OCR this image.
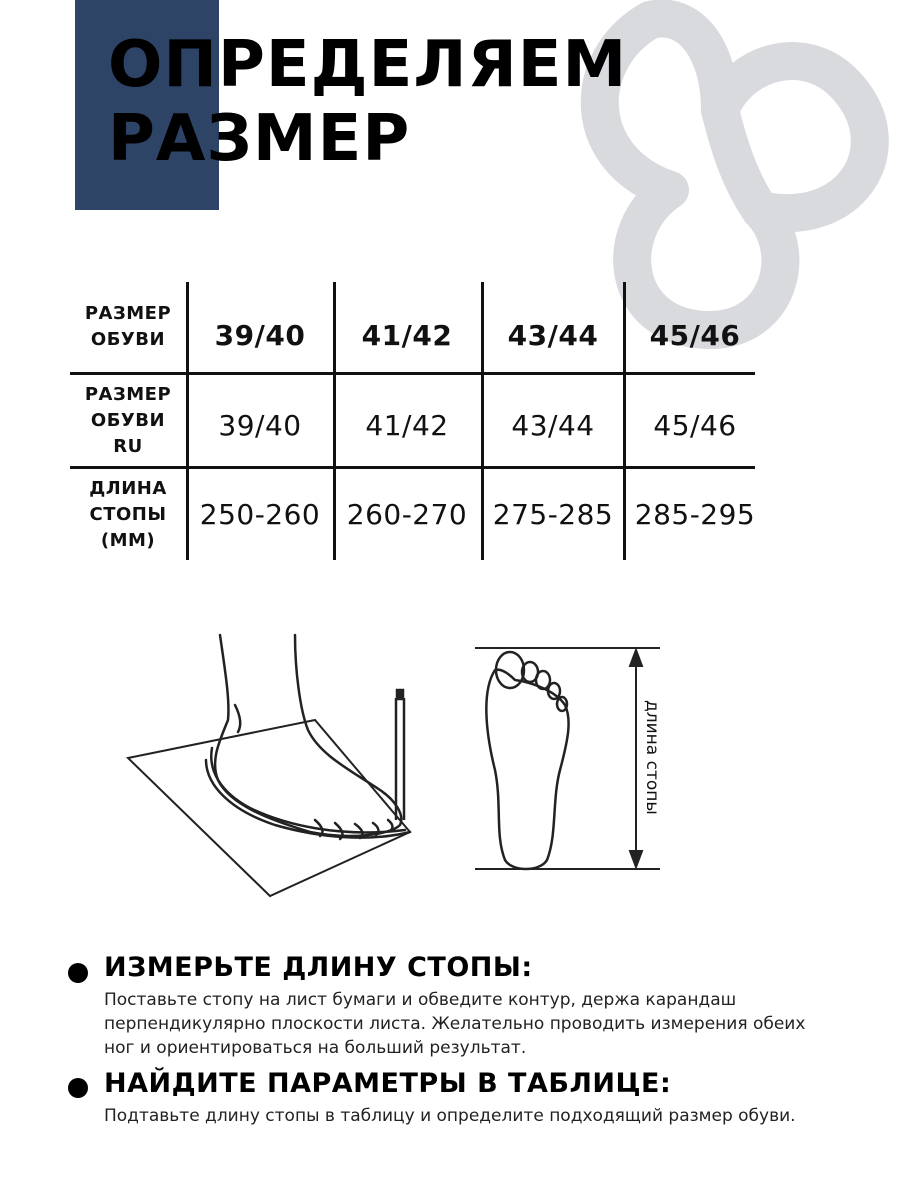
ОПРЕДЕЛЯЕМ
РАЗМЕР
РАЗМЕР
ОБУВИ	39/40	41/42	43/44	45/46
РАЗМЕР
ОБУВИ
RU
39/40	41/42	43/44	45/46
ДЛИНА
СТОПЫ
(ММ)
250-260 260-270 275-285 285-295
длина стопы
ИЗМЕРЬТЕ ДЛИНУ СТОПЫ:

Поставьте стопу на лист бумаги и обведите контур, держа карандаш перпендикулярно плоскости листа. Желательно проводить измерения обеих ног и ориентироваться на больший результат.

НАЙДИТЕ ПАРАМЕТРЫ В ТАБЛИЦЕ:

Подтавьте длину стопы в таблицу и определите подходящий размер обуви.
